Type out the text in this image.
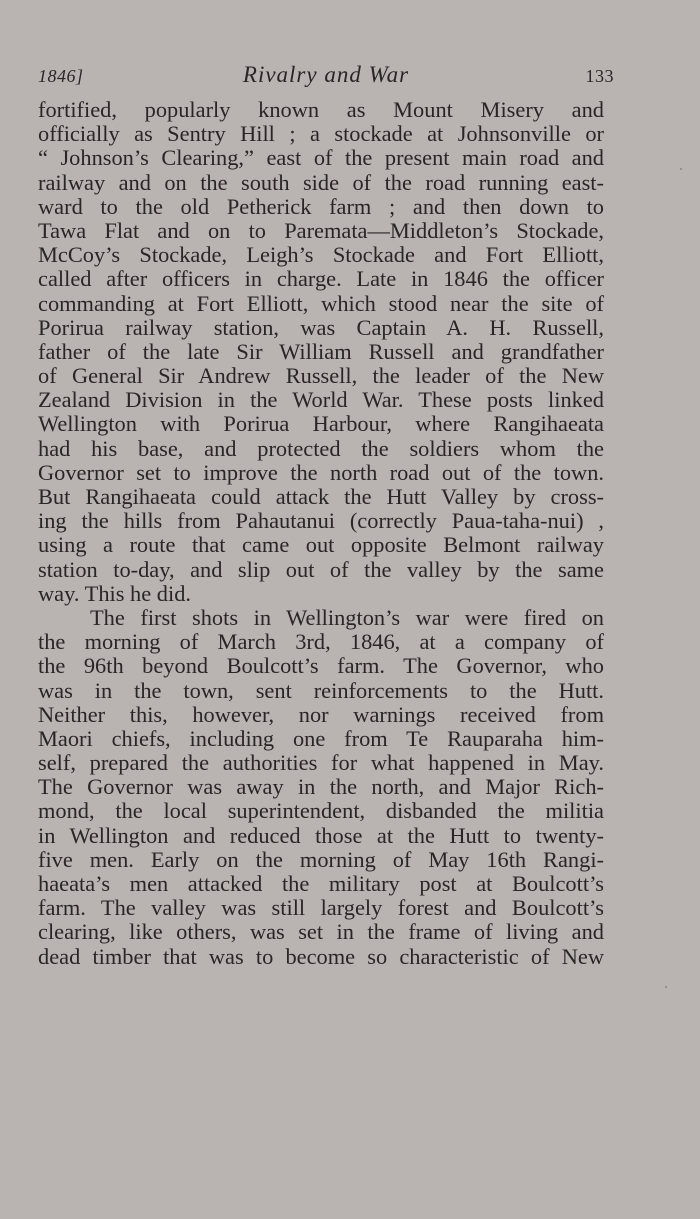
1846]	Rivalry and War	133
fortified, popularly known as Mount Misery and
officially as Sentry Hill ; a stockade at Johnsonville or
“ Johnson’s Clearing,” east of the present main road and
railway and on the south side of the road running east-
ward to the old Petherick farm ; and then down to
Tawa Flat and on to Paremata—Middleton’s Stockade,
McCoy’s Stockade, Leigh’s Stockade and Fort Elliott,
called after officers in charge. Late in 1846 the officer
commanding at Fort Elliott, which stood near the site of
Porirua railway station, was Captain A. H. Russell,
father of the late Sir William Russell and grandfather
of General Sir Andrew Russell, the leader of the New
Zealand Division in the World War. These posts linked
Wellington with Porirua Harbour, where Rangihaeata
had his base, and protected the soldiers whom the
Governor set to improve the north road out of the town.
But Rangihaeata could attack the Hutt Valley by cross-
ing the hills from Pahautanui (correctly Paua-taha-nui) ,
using a route that came out opposite Belmont railway
station to-day, and slip out of the valley by the same
way. This he did.
The first shots in Wellington’s war were fired on
the morning of March 3rd, 1846, at a company of
the 96th beyond Boulcott’s farm. The Governor, who
was in the town, sent reinforcements to the Hutt.
Neither this, however, nor warnings received from
Maori chiefs, including one from Te Rauparaha him-
self, prepared the authorities for what happened in May.
The Governor was away in the north, and Major Rich-
mond, the local superintendent, disbanded the militia
in Wellington and reduced those at the Hutt to twenty-
five men. Early on the morning of May 16th Rangi-
haeata’s men attacked the military post at Boulcott’s
farm. The valley was still largely forest and Boulcott’s
clearing, like others, was set in the frame of living and
dead timber that was to become so characteristic of New
